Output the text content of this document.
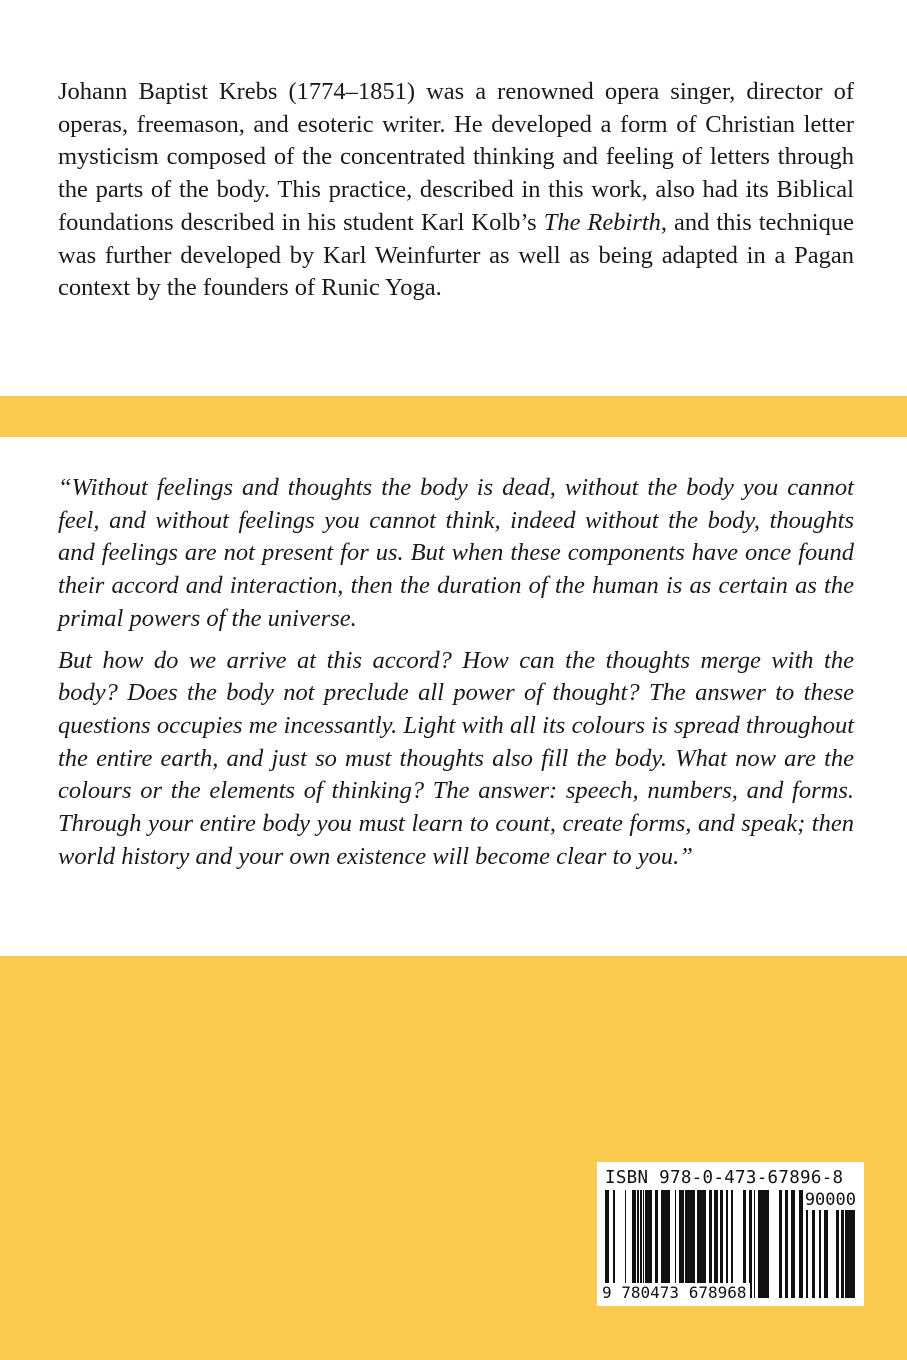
Johann Baptist Krebs (1774–1851) was a renowned opera singer, director of operas, freemason, and esoteric writer. He developed a form of Christian letter mysticism composed of the concentrated thinking and feeling of letters through the parts of the body. This practice, described in this work, also had its Biblical foundations described in his student Karl Kolb’s The Rebirth, and this technique was further developed by Karl Weinfurter as well as being adapted in a Pagan context by the founders of Runic Yoga.

“Without feelings and thoughts the body is dead, without the body you cannot feel, and without feelings you cannot think, indeed without the body, thoughts and feelings are not present for us. But when these components have once found their accord and interaction, then the duration of the human is as certain as the primal powers of the universe.

But how do we arrive at this accord? How can the thoughts merge with the body? Does the body not preclude all power of thought? The answer to these questions occupies me incessantly. Light with all its colours is spread throughout the entire earth, and just so must thoughts also fill the body. What now are the colours or the elements of thinking? The answer: speech, numbers, and forms. Through your entire body you must learn to count, create forms, and speak; then world history and your own existence will become clear to you.”

ISBN 978-0-473-67896-8
90000
9 780473 678968
